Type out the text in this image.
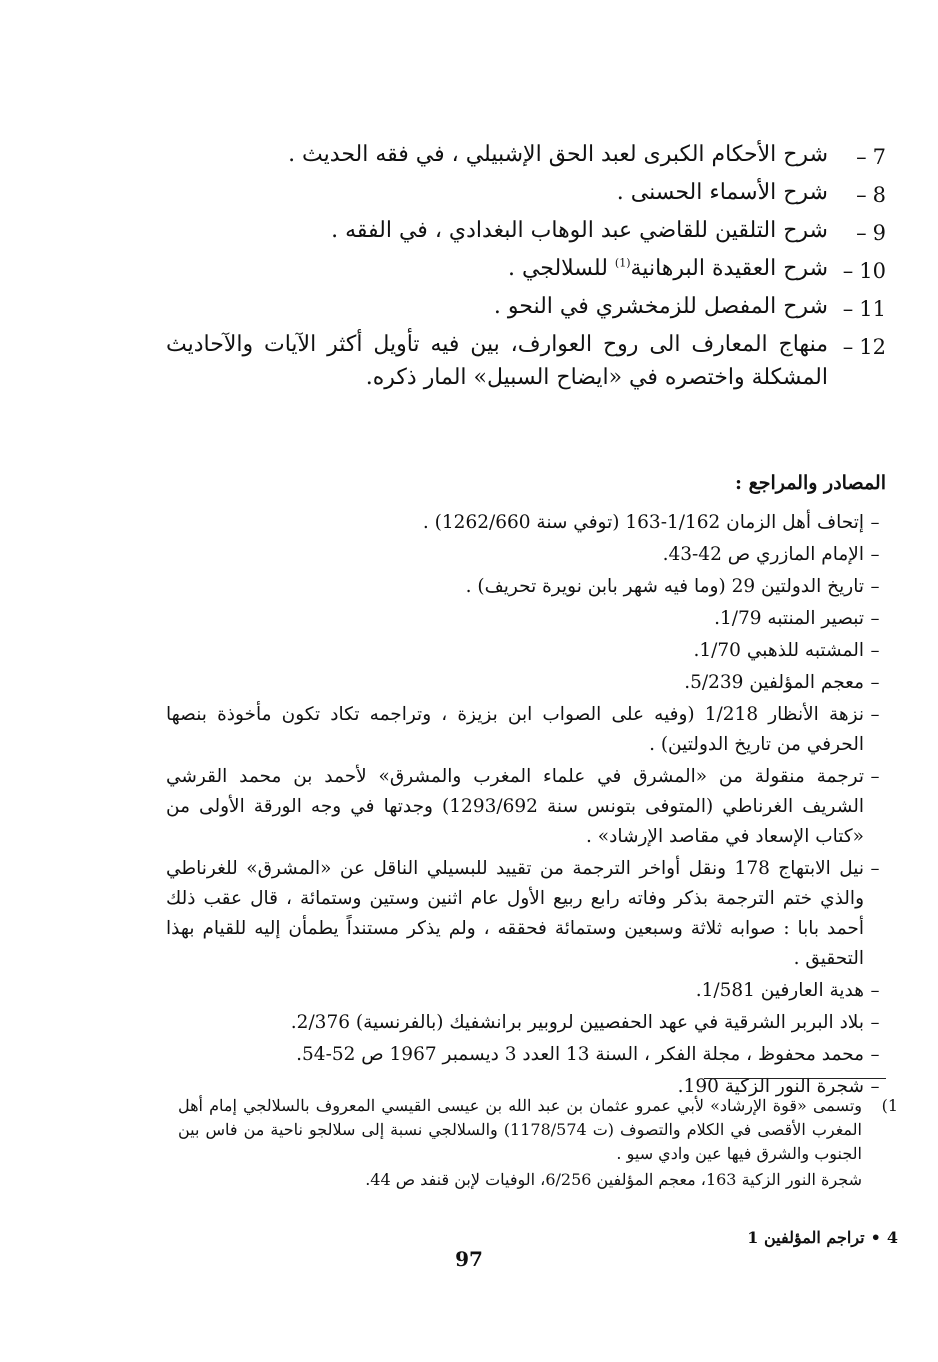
7–
شرح الأحكام الكبرى لعبد الحق الإشبيلي ، في فقه الحديث .
8–
شرح الأسماء الحسنى .
9–
شرح التلقين للقاضي عبد الوهاب البغدادي ، في الفقه .
10–
شرح العقيدة البرهانية$^{(1)}$ للسلالجي .
11–
شرح المفصل للزمخشري في النحو .
12–
منهاج المعارف الى روح العوارف، بين فيه تأويل أكثر الآيات والآحاديث المشكلة واختصره في «ايضاح السبيل» المار ذكره.
المصادر والمراجع :
–
إتحاف أهل الزمان 1/162-163 (توفي سنة 1262/660) .
–
الإمام المازري ص 42-43.
–
تاريخ الدولتين 29 (وما فيه شهر بابن نويرة تحريف) .
–
تبصير المنتبه 1/79.
–
المشتبه للذهبي 1/70.
–
معجم المؤلفين 5/239.
–
نزهة الأنظار 1/218 (وفيه على الصواب ابن بزيزة ، وتراجمه تكاد تكون مأخوذة بنصها الحرفي من تاريخ الدولتين) .
–
ترجمة منقولة من «المشرق في علماء المغرب والمشرق» لأحمد بن محمد القرشي الشريف الغرناطي (المتوفى بتونس سنة 1293/692) وجدتها في وجه الورقة الأولى من «كتاب الإسعاد في مقاصد الإرشاد» .
–
نيل الابتهاج 178 ونقل أواخر الترجمة من تقييد للبسيلي الناقل عن «المشرق» للغرناطي والذي ختم الترجمة بذكر وفاته رابع ربيع الأول عام اثنين وستين وستمائة ، قال عقب ذلك أحمد بابا : صوابه ثلاثة وسبعين وستمائة فحققه ، ولم يذكر مستنداً يطمأن إليه للقيام بهذا التحقيق .
–
هدية العارفين 1/581.
–
بلاد البربر الشرقية في عهد الحفصيين لروبير برانشفيك (بالفرنسية) 2/376.
–
محمد محفوظ ، مجلة الفكر ، السنة 13 العدد 3 ديسمبر 1967 ص 52-54.
–
شجرة النور الزكية 190.
1)
وتسمى «قوة الإرشاد» لأبي عمرو عثمان بن عبد الله بن عيسى القيسي المعروف بالسلالجي إمام أهل المغرب الأقصى في الكلام والتصوف (ت 1178/574) والسلالجي نسبة إلى سلالجو ناحية من فاس بين الجنوب والشرق فيها عين وادي سيو .
شجرة النور الزكية 163، معجم المؤلفين 6/256، الوفيات لإبن قنفد ص 44.
4•تراجم المؤلفين 1
97
